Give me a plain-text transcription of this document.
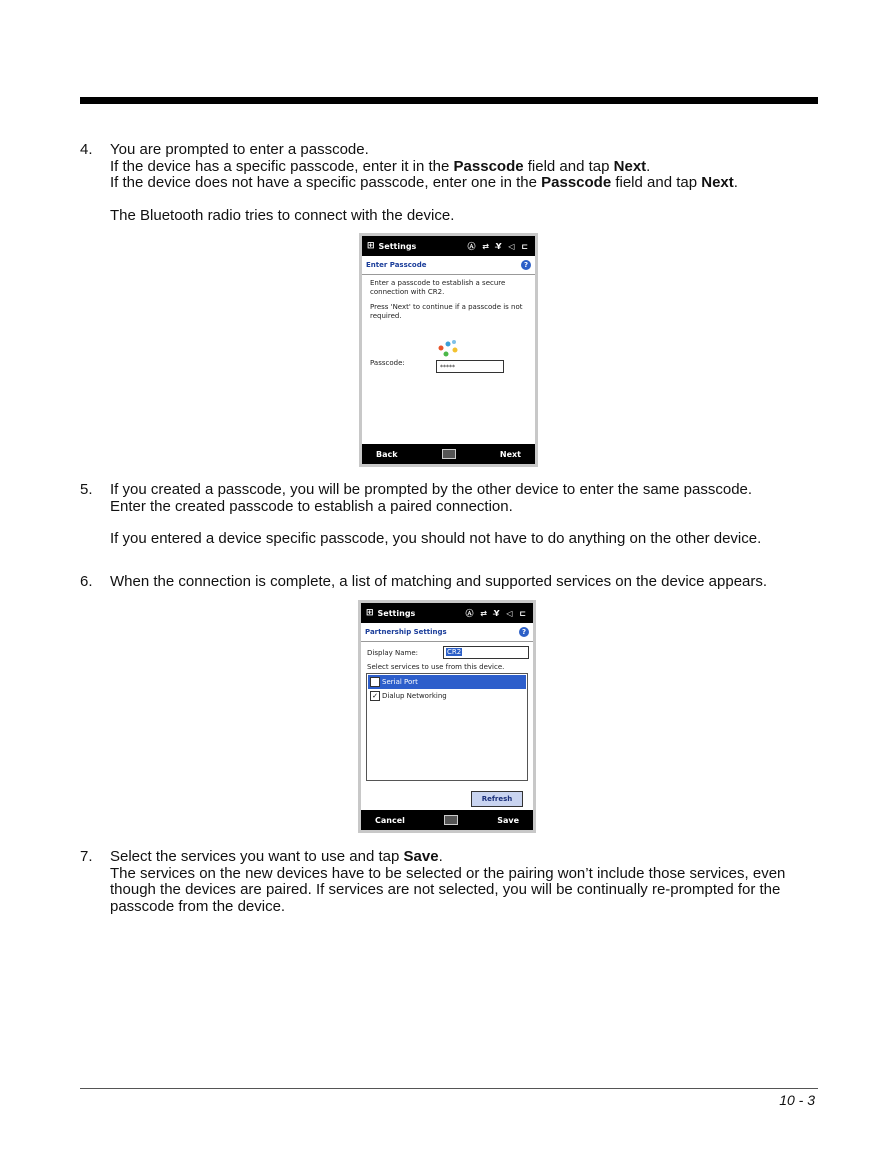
4. You are prompted to enter a passcode.

If the device has a specific passcode, enter it in the Passcode field and tap Next.

If the device does not have a specific passcode, enter one in the Passcode field and tap Next.

The Bluetooth radio tries to connect with the device.

⊞ Settings	Ⓐ ⇄ Y̶ ◁ ⊏
Enter Passcode	?

Enter a passcode to establish a secure connection with CR2.

Press 'Next' to continue if a passcode is not required.

Passcode:
*****
Back	Next
5. If you created a passcode, you will be prompted by the other device to enter the same passcode.

Enter the created passcode to establish a paired connection.

If you entered a device specific passcode, you should not have to do anything on the other device.

6. When the connection is complete, a list of matching and supported services on the device appears.

⊞ Settings	Ⓐ ⇄ Y̶ ◁ ⊏
Partnership Settings	?
Display Name:	CR2
Select services to use from this device.
Serial Port
✓ Dialup Networking
Refresh
Cancel	Save
7. Select the services you want to use and tap Save.

The services on the new devices have to be selected or the pairing won’t include those services, even though the devices are paired. If services are not selected, you will be continually re-prompted for the passcode from the device.

10 - 3
